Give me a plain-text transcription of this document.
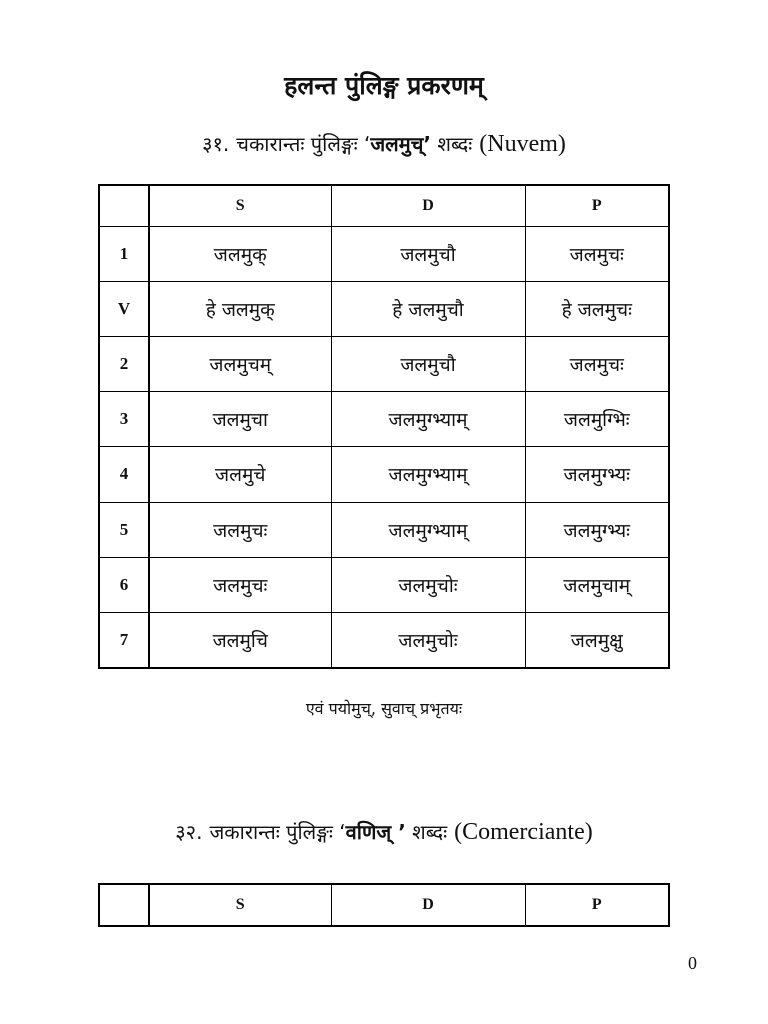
हलन्त पुंलिङ्ग प्रकरणम्
३१. चकारान्तः पुंलिङ्गः ‘जलमुच्’ शब्दः (Nuvem)
	S	D	P
1	जलमुक्	जलमुचौ	जलमुचः
V	हे जलमुक्	हे जलमुचौ	हे जलमुचः
2	जलमुचम्	जलमुचौ	जलमुचः
3	जलमुचा	जलमुग्भ्याम्	जलमुग्भिः
4	जलमुचे	जलमुग्भ्याम्	जलमुग्भ्यः
5	जलमुचः	जलमुग्भ्याम्	जलमुग्भ्यः
6	जलमुचः	जलमुचोः	जलमुचाम्
7	जलमुचि	जलमुचोः	जलमुक्षु
एवं पयोमुच्, सुवाच् प्रभृतयः
३२. जकारान्तः पुंलिङ्गः ‘वणिज् ’ शब्दः (Comerciante)
	S	D	P
0
